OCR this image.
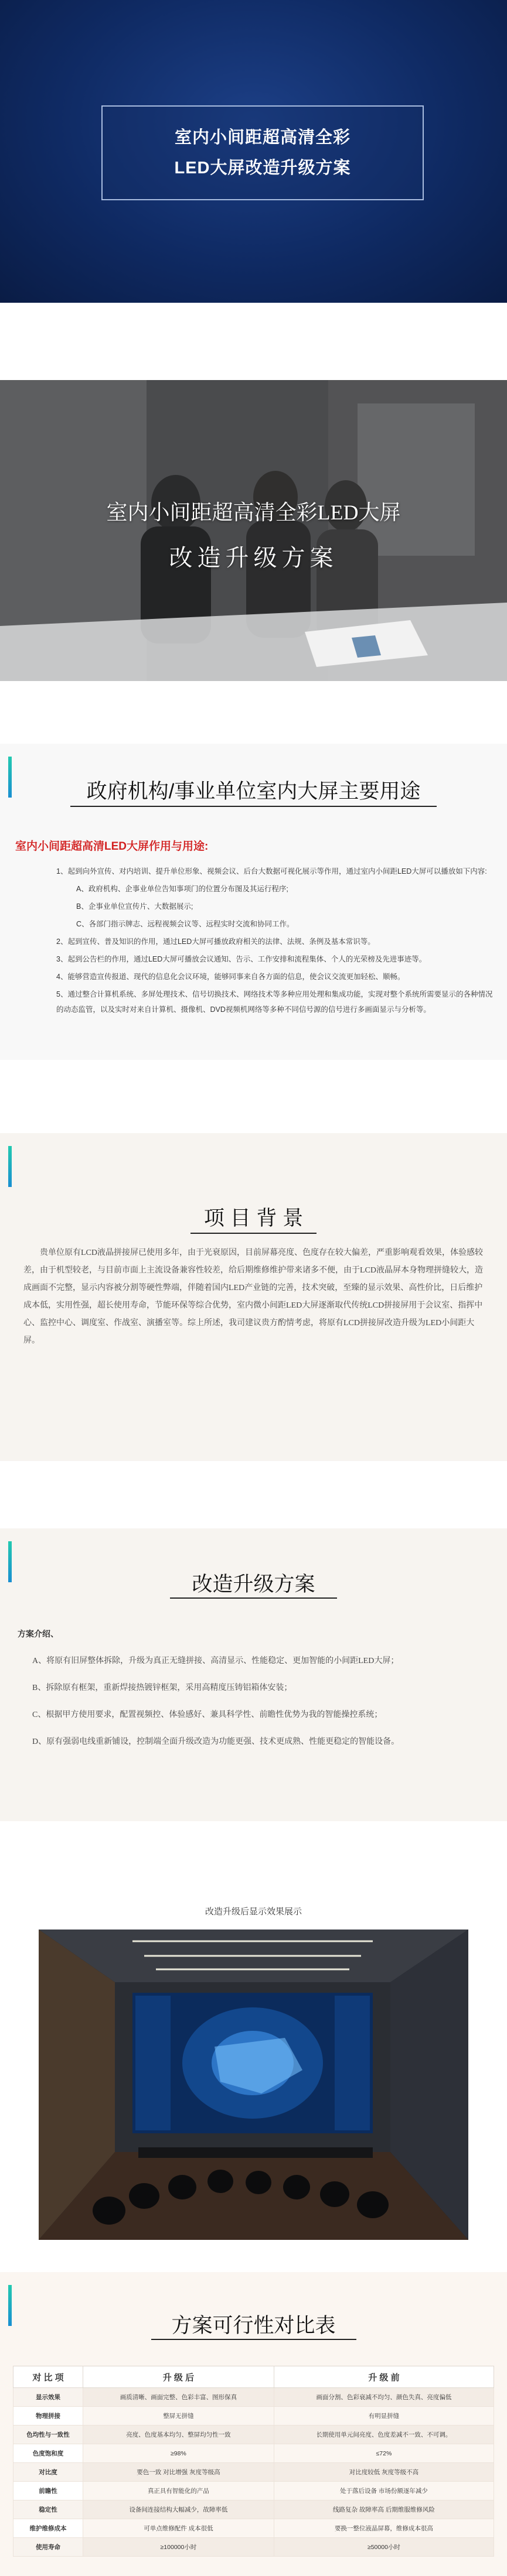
室内小间距超高清全彩
LED大屏改造升级方案
室内小间距超高清全彩LED大屏
改造升级方案
政府机构/事业单位室内大屏主要用途
室内小间距超高清LED大屏作用与用途:
1、起到向外宣传、对内培训、提升单位形象、视频会议、后台大数据可视化展示等作用，通过室内小间距LED大屏可以播放如下内容:
A、政府机构、企事业单位告知事项门的位置分布图及其运行程序;
B、企事业单位宣传片、大数据展示;
C、各部门指示牌志、远程视频会议等、远程实时交流和协同工作。
2、起到宣传、普及知识的作用，通过LED大屏可播放政府相关的法律、法规、条例及基本常识等。
3、起到公告栏的作用，通过LED大屏可播放会议通知、告示、工作安排和流程集体、个人的光荣榜及先进事迹等。
4、能够营造宣传报道、现代的信息化会议环境，能够同事来自各方面的信息，使会议交流更加轻松、顺畅。
5、通过整合计算机系统、多屏处理技术、信号切换技术、网络技术等多种应用处理和集成功能，实现对整个系统所需要显示的各种情况的动态监管，以及实时对来自计算机、摄像机、DVD视频机网络等多种不同信号源的信号进行多画面显示与分析等。
项 目 背 景
贵单位原有LCD液晶拼接屏已使用多年，由于光衰原因，目前屏幕亮度、色度存在较大偏差，严重影响观看效果，体验感较差，由于机型较老，与目前市面上主流设备兼容性较差，给后期维修维护带来诸多不便，由于LCD液晶屏本身物理拼缝较大，造成画面不完整，显示内容被分割等硬性弊端，伴随着国内LED产业链的完善，技术突破，至臻的显示效果、高性价比，日后维护成本低，实用性强，超长使用寿命，节能环保等综合优势，室内微小间距LED大屏逐渐取代传统LCD拼接屏用于会议室、指挥中心、监控中心、调度室、作战室、演播室等。综上所述，我司建议贵方酌情考虑，将原有LCD拼接屏改造升级为LED小间距大屏。
改造升级方案
方案介绍、
A、将原有旧屏整体拆除，升级为真正无缝拼接、高清显示、性能稳定、更加智能的小间距LED大屏；
B、拆除原有框架，重新焊接热镀锌框架，采用高精度压铸铝箱体安装；
C、根据甲方使用要求，配置视频控、体验感好、兼具科学性、前瞻性优势为我的智能操控系统；
D、原有强弱电线重新铺设，控制端全面升级改造为功能更强、技术更成熟、性能更稳定的智能设备。
改造升级后显示效果展示
方案可行性对比表
对 比 项	升 级 后	升 级 前
显示效果	画质清晰、画面完整、色彩丰富、图形保真	画面分割、色彩衰减不均匀、颜色失真、亮度偏低
物理拼接	整屏无拼缝	有明显拼缝
色均性与一致性	亮度、色度基本均匀、整屏均匀性一致	长期使用单元间亮度、色度差减不一致、不可调。
色度饱和度	≥98%	≤72%
对比度	要色一致 对比增强 灰度等级高	对比度较低 灰度等级不高
前瞻性	真正具有智能化的产品	处于落后设备 市场份额逐年减少
稳定性	设备间连接结构大幅减少，故障率低	线路复杂 故障率高 后期维服维修风险
维护维修成本	可单点维修配件 成本很低	要换一整位液晶屏幕，维修成本很高
使用寿命	≥100000小时	≥50000小时
